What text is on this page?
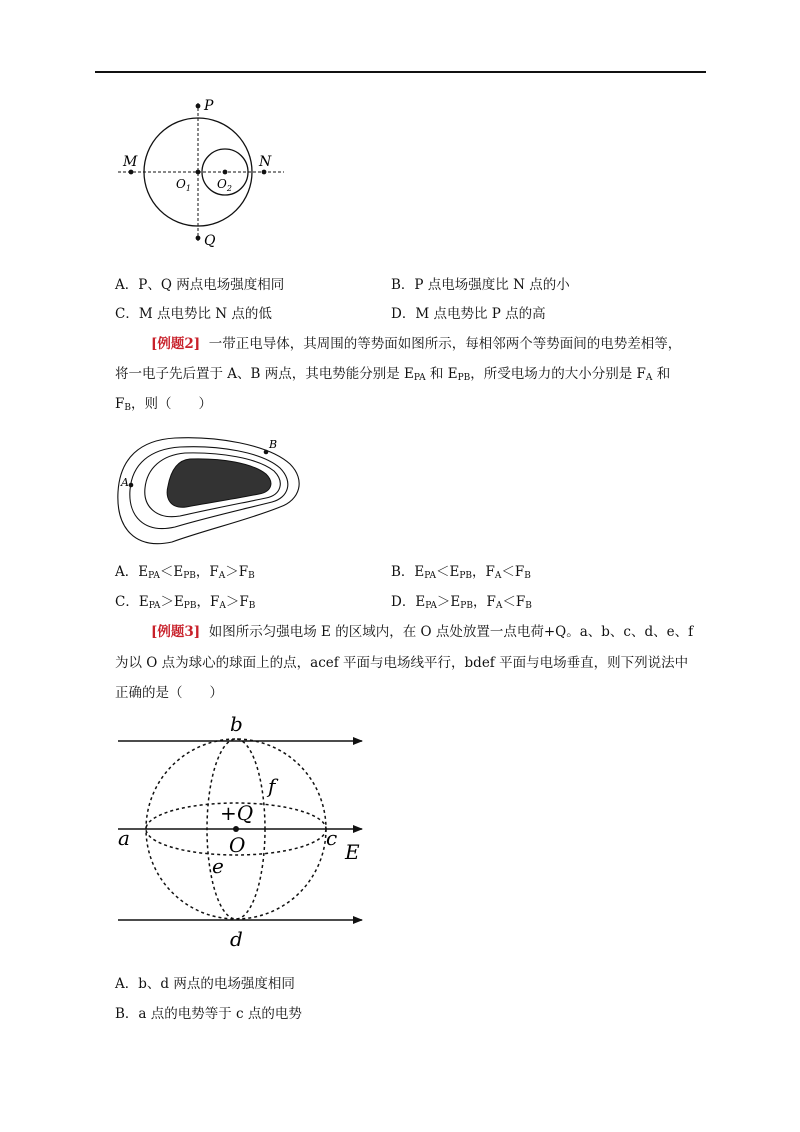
P
Q
M	N
$O_1$ $O_2$
A．P、Q 两点电场强度相同	B．P 点电场强度比 N 点的小
C．M 点电势比 N 点的低	D．M 点电势比 P 点的高
[例题2] 一带正电导体，其周围的等势面如图所示，每相邻两个等势面间的电势差相等，
将一电子先后置于 A、B 两点，其电势能分别是 $E_{PA}$ 和 $E_{PB}$，所受电场力的大小分别是 $F_A$ 和
$F_B$，则（　　）
A
B
A．$E_{PA}<E_{PB}$，$F_A>F_B$	B．$E_{PA}<E_{PB}$，$F_A<F_B$
C．$E_{PA}>E_{PB}$，$F_A>F_B$	D．$E_{PA}>E_{PB}$，$F_A<F_B$
[例题3] 如图所示匀强电场 E 的区域内，在 O 点处放置一点电荷+Q。a、b、c、d、e、f
为以 O 点为球心的球面上的点，acef 平面与电场线平行，bdef 平面与电场垂直，则下列说法中
正确的是（　　）
b
d
a	c
E
+Q
O
f
e
A．b、d 两点的电场强度相同
B．a 点的电势等于 c 点的电势
